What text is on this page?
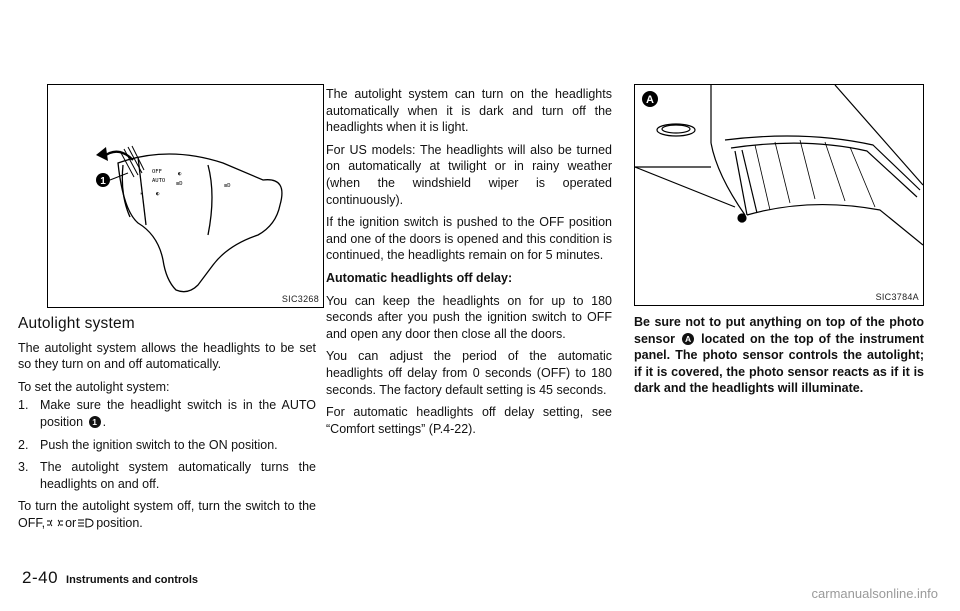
OFF
AUTO
◐
≡D	≡D
✳ ◐
1
SIC3268
A
SIC3784A
Autolight system

The autolight system allows the headlights to be set so they turn on and off automatically.

To set the autolight system:

1. Make sure the headlight switch is in the AUTO position 1 .
2. Push the ignition switch to the ON position.
3. The autolight system automatically turns the headlights on and off.

To turn the autolight system off, turn the switch to the OFF, or position.

The autolight system can turn on the headlights automatically when it is dark and turn off the headlights when it is light.

For US models: The headlights will also be turned on automatically at twilight or in rainy weather (when the windshield wiper is operated continuously).

If the ignition switch is pushed to the OFF position and one of the doors is opened and this condition is continued, the headlights remain on for 5 minutes.

Automatic headlights off delay:

You can keep the headlights on for up to 180 seconds after you push the ignition switch to OFF and open any door then close all the doors.

You can adjust the period of the automatic headlights off delay from 0 seconds (OFF) to 180 seconds. The factory default setting is 45 seconds.

For automatic headlights off delay setting, see “Comfort settings” (P.4-22).

Be sure not to put anything on top of the photo sensor A located on the top of the instrument panel. The photo sensor controls the autolight; if it is covered, the photo sensor reacts as if it is dark and the headlights will illuminate.

2-40 Instruments and controls
carmanualsonline.info
